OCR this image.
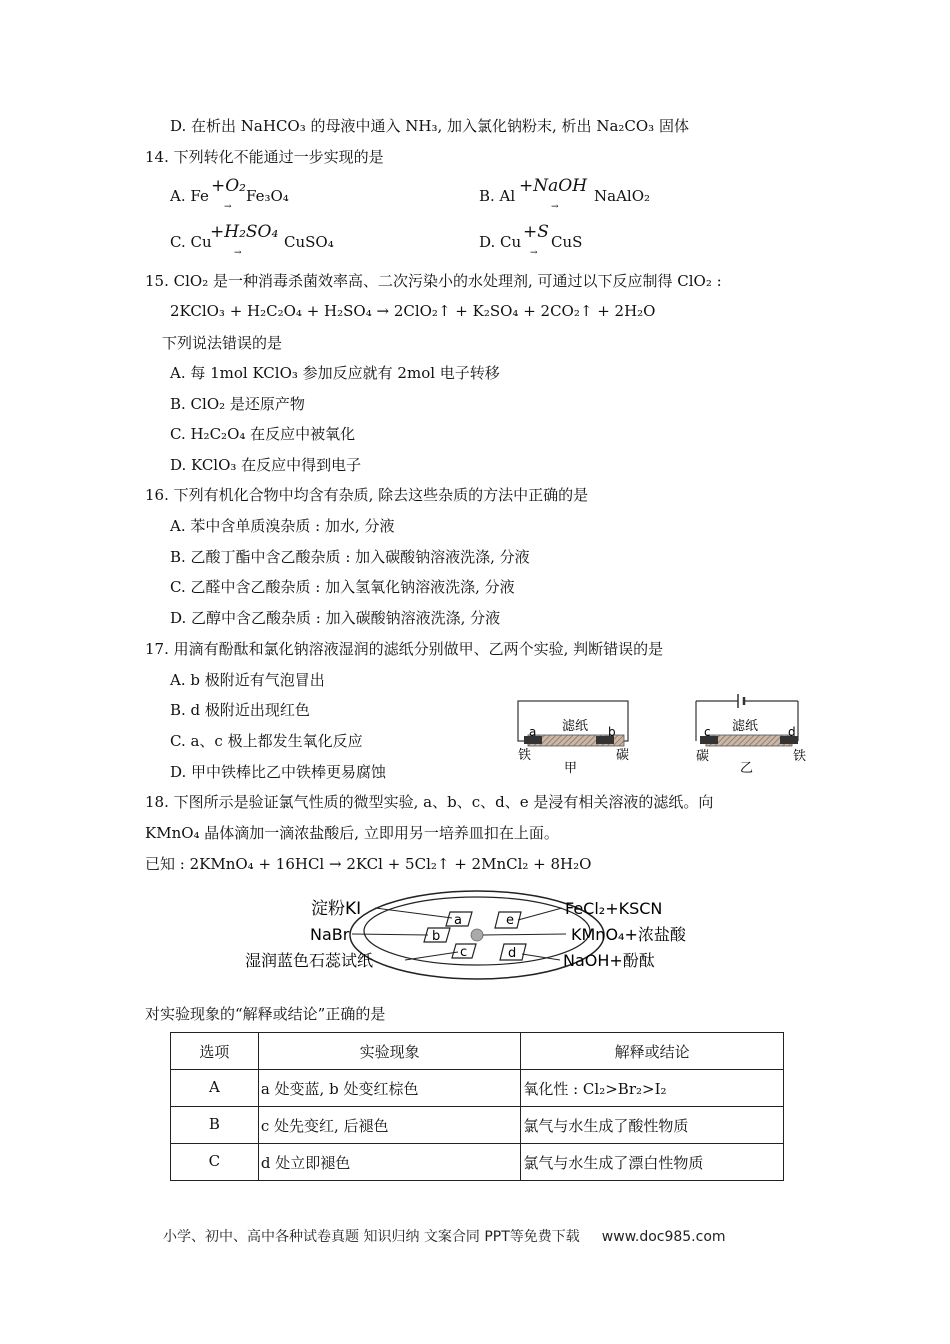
D. 在析出 NaHCO₃ 的母液中通入 NH₃, 加入氯化钠粉末, 析出 Na₂CO₃ 固体
14. 下列转化不能通过一步实现的是
A. Fe +O₂
→
Fe₃O₄	B. Al +NaOH
→
NaAlO₂
C. Cu
+H₂SO₄
→
CuSO₄	D. Cu +S
→
CuS
15. ClO₂ 是一种消毒杀菌效率高、二次污染小的水处理剂, 可通过以下反应制得 ClO₂ :
2KClO₃ + H₂C₂O₄ + H₂SO₄ → 2ClO₂↑ + K₂SO₄ + 2CO₂↑ + 2H₂O
下列说法错误的是
A. 每 1mol KClO₃ 参加反应就有 2mol 电子转移
B. ClO₂ 是还原产物
C. H₂C₂O₄ 在反应中被氧化
D. KClO₃ 在反应中得到电子
16. 下列有机化合物中均含有杂质, 除去这些杂质的方法中正确的是
A. 苯中含单质溴杂质 : 加水, 分液
B. 乙酸丁酯中含乙酸杂质 : 加入碳酸钠溶液洗涤, 分液
C. 乙醛中含乙酸杂质 : 加入氢氧化钠溶液洗涤, 分液
D. 乙醇中含乙酸杂质 : 加入碳酸钠溶液洗涤, 分液
17. 用滴有酚酞和氯化钠溶液湿润的滤纸分别做甲、乙两个实验, 判断错误的是
A. b 极附近有气泡冒出
B. d 极附近出现红色
C. a、c 极上都发生氧化反应
D. 甲中铁棒比乙中铁棒更易腐蚀
滤纸
a	b
铁	碳
甲
滤纸
c	d
碳	铁
乙
18. 下图所示是验证氯气性质的微型实验, a、b、c、d、e 是浸有相关溶液的滤纸。向
KMnO₄ 晶体滴加一滴浓盐酸后, 立即用另一培养皿扣在上面。
已知 : 2KMnO₄ + 16HCl → 2KCl + 5Cl₂↑ + 2MnCl₂ + 8H₂O
a
b
c
e
d
淀粉KI
NaBr
湿润蓝色石蕊试纸
FeCl₂+KSCN
KMnO₄+浓盐酸
NaOH+酚酞
对实验现象的“解释或结论”正确的是
选项	实验现象	解释或结论
A	a 处变蓝, b 处变红棕色	氧化性 : Cl₂>Br₂>I₂
B	c 处先变红, 后褪色	氯气与水生成了酸性物质
C	d 处立即褪色	氯气与水生成了漂白性物质
小学、初中、高中各种试卷真题 知识归纳 文案合同 PPT等免费下载 www.doc985.com
